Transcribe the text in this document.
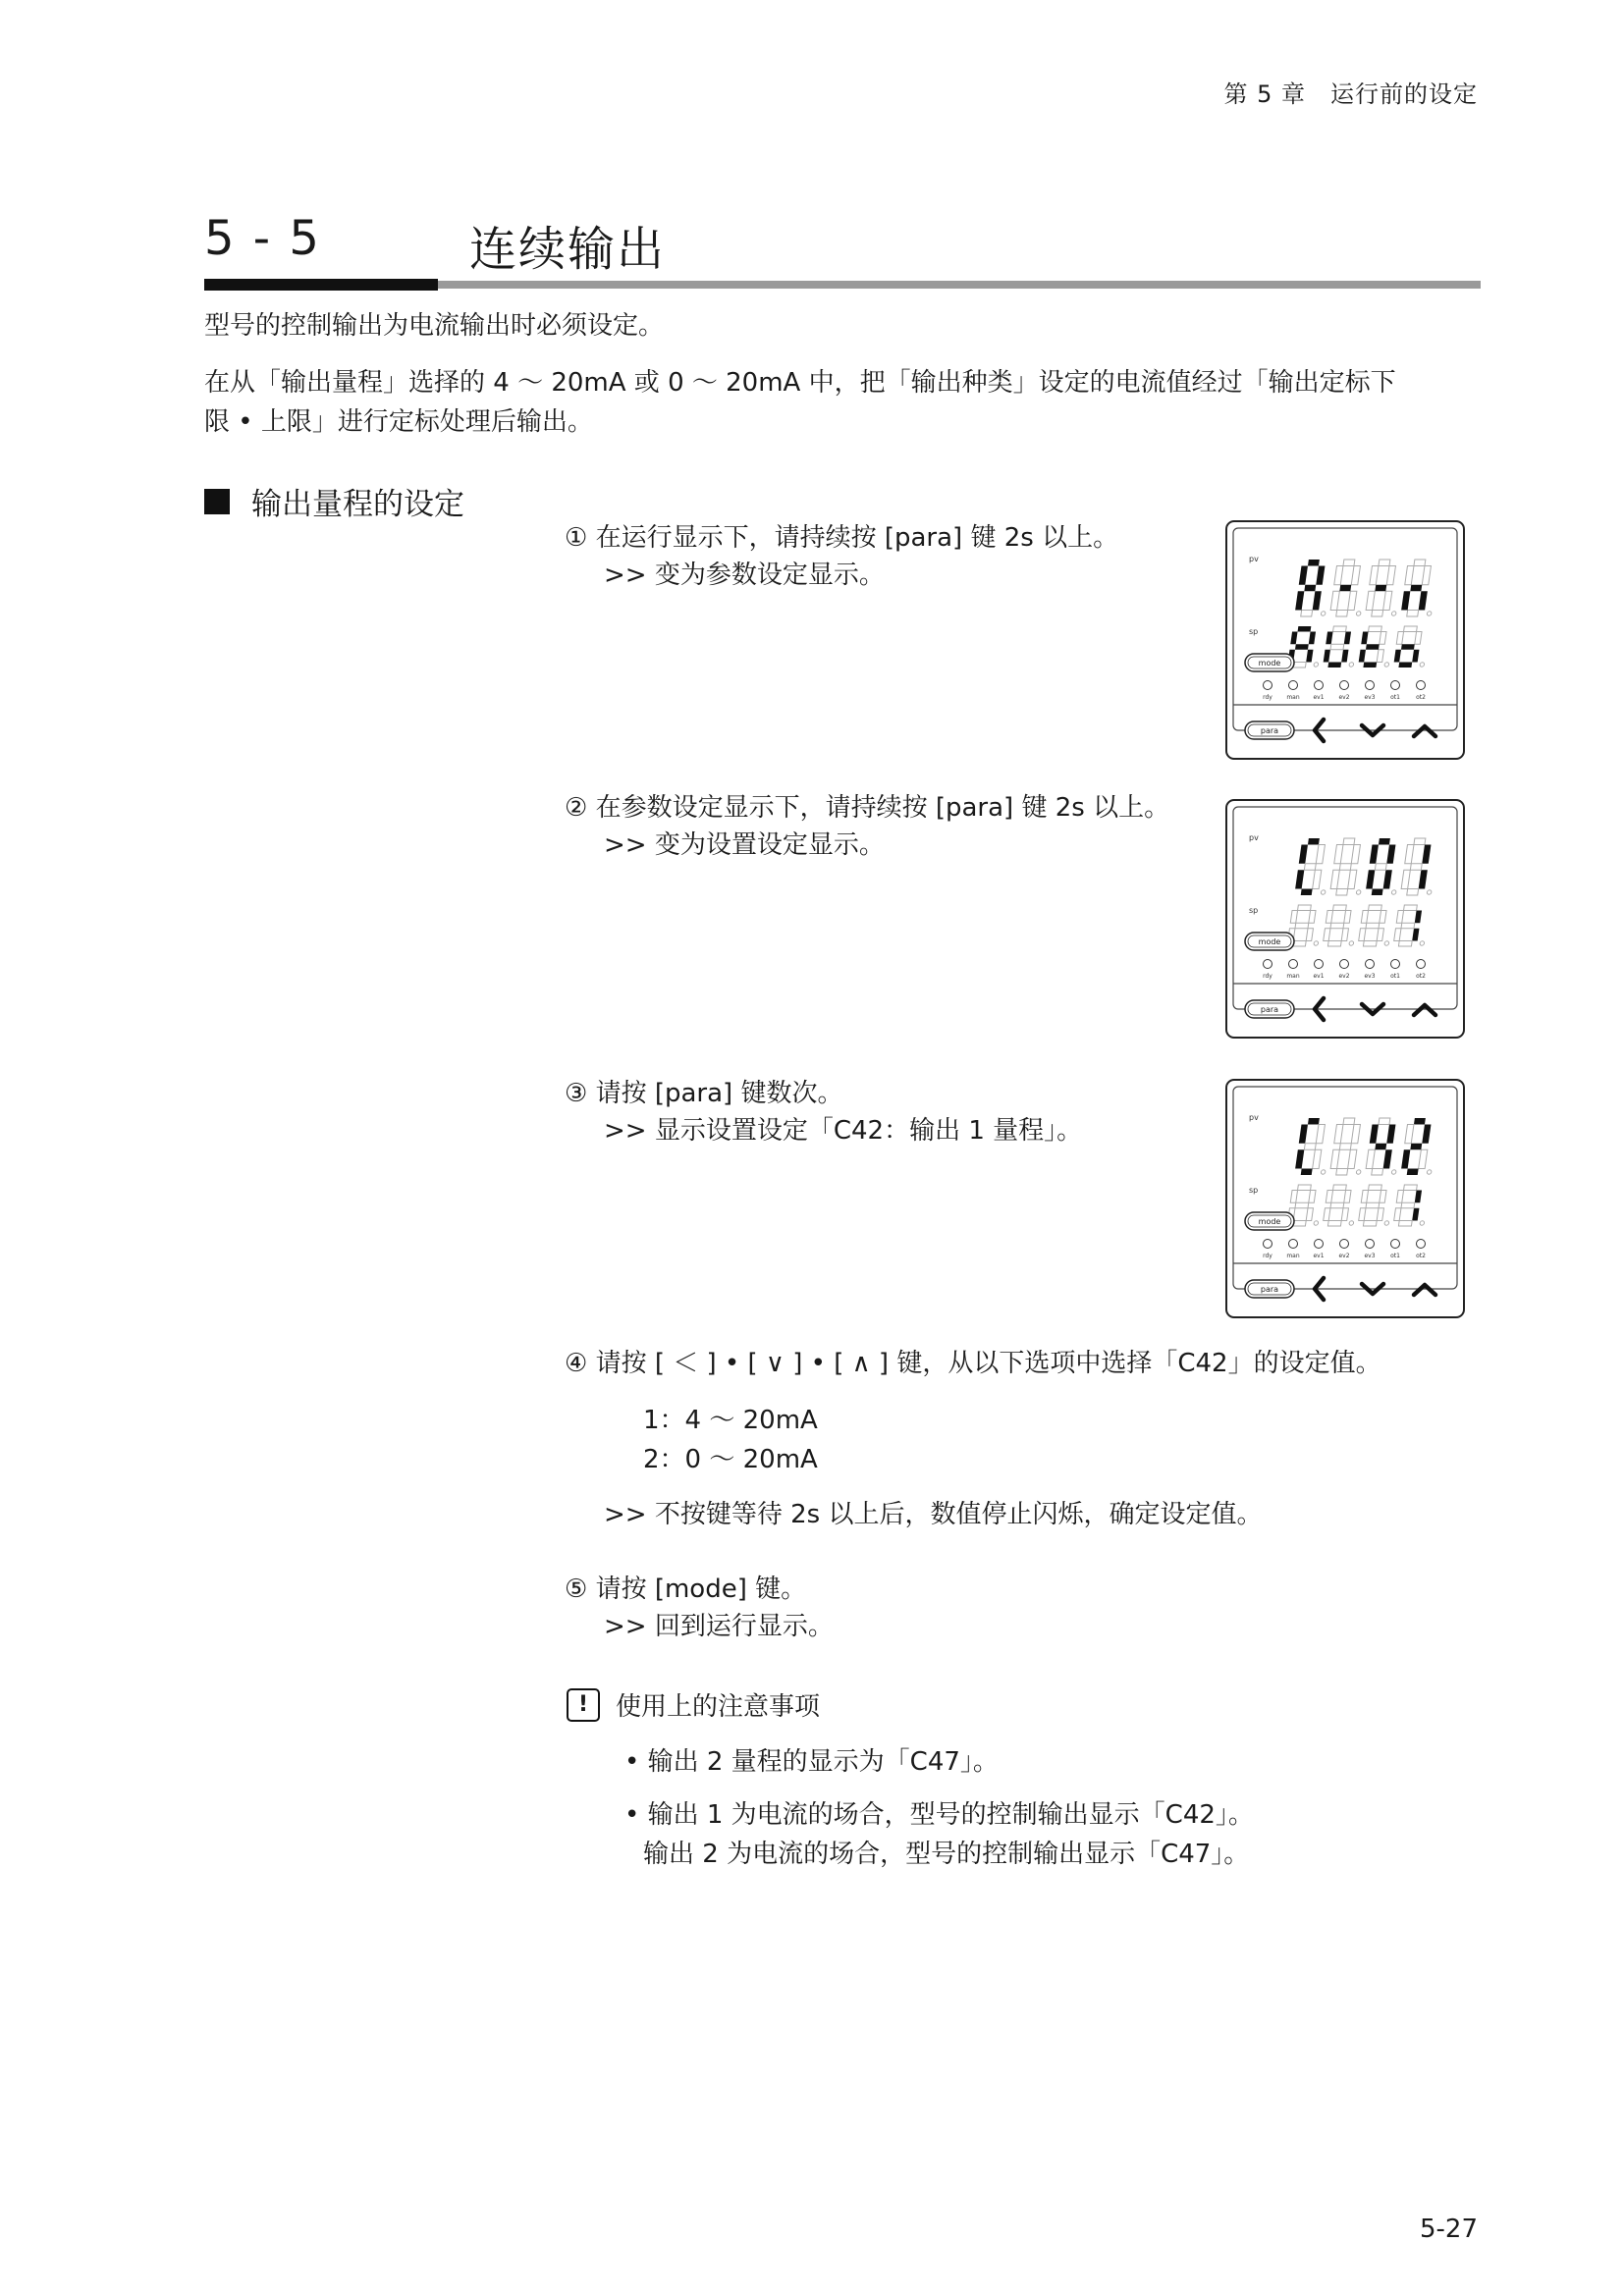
第 5 章　运行前的设定
5 - 5	连续输出
型号的控制输出为电流输出时必须设定。
在从「输出量程」选择的 4 ～ 20mA 或 0 ～ 20mA 中，把「输出种类」设定的电流值经过「输出定标下
限 • 上限」进行定标处理后输出。
输出量程的设定
① 在运行显示下，请持续按 [para] 键 2s 以上。
>> 变为参数设定显示。
② 在参数设定显示下，请持续按 [para] 键 2s 以上。
>> 变为设置设定显示。
③ 请按 [para] 键数次。
>> 显示设置设定「C42：输出 1 量程」。
④ 请按 [ ＜ ] • [ ∨ ] • [ ∧ ] 键，从以下选项中选择「C42」的设定值。
1：4 ～ 20mA
2：0 ～ 20mA
>> 不按键等待 2s 以上后，数值停止闪烁，确定设定值。
⑤ 请按 [mode] 键。
>> 回到运行显示。
!	使用上的注意事项
• 输出 2 量程的显示为「C47」。
• 输出 1 为电流的场合，型号的控制输出显示「C42」。
输出 2 为电流的场合，型号的控制输出显示「C47」。
pv
sp
mode
rdy man ev1 ev2 ev3	ot1	ot2
para
pv
sp
mode
rdy man ev1 ev2 ev3	ot1	ot2
para
pv
sp
mode
rdy man ev1 ev2 ev3	ot1	ot2
para
5-27
